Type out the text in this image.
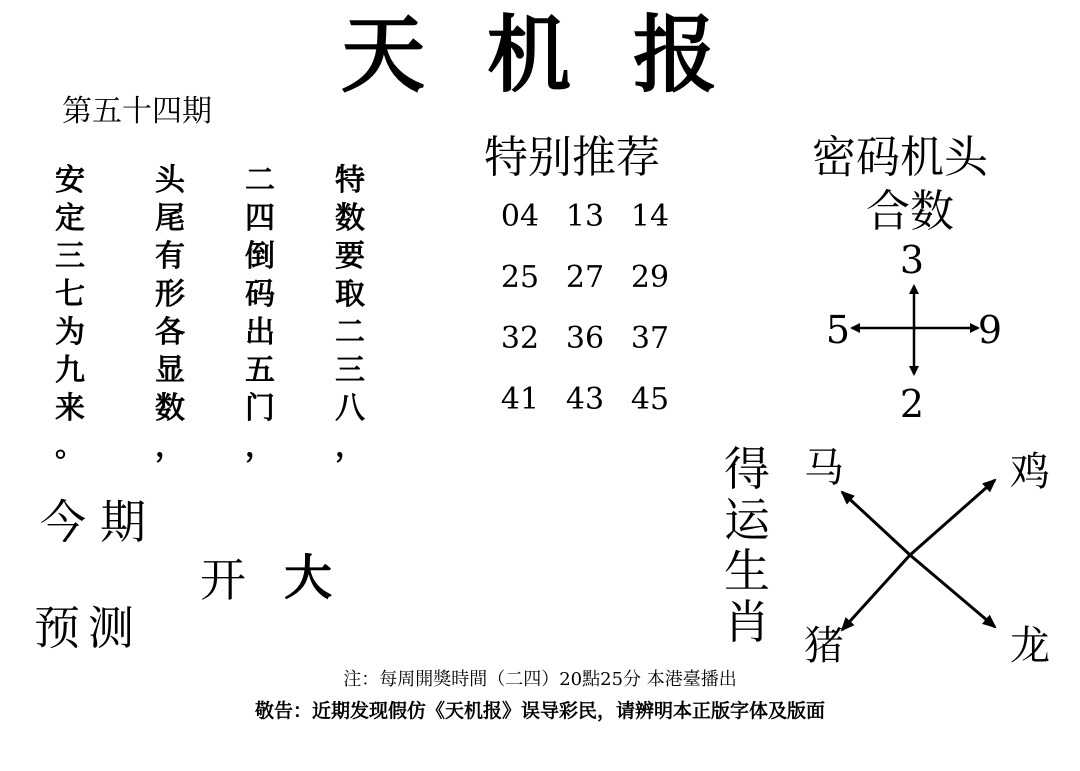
天机报
第五十四期
安
定
三
七
为
九
来
。
头
尾
有
形
各
显
数
，
二
四
倒
码
出
五
门
，
特
数
要
取
二
三
八
，
今期
开 大
预测
特别推荐
04 13 14
25 27 29
32 36 37
41 43 45
密码机头
合数
3
5	9
2
得
运
生
肖
马	鸡
猪	龙
注：每周開獎時間（二四）20點25分 本港臺播出
敬告：近期发现假仿《天机报》误导彩民，请辨明本正版字体及版面
